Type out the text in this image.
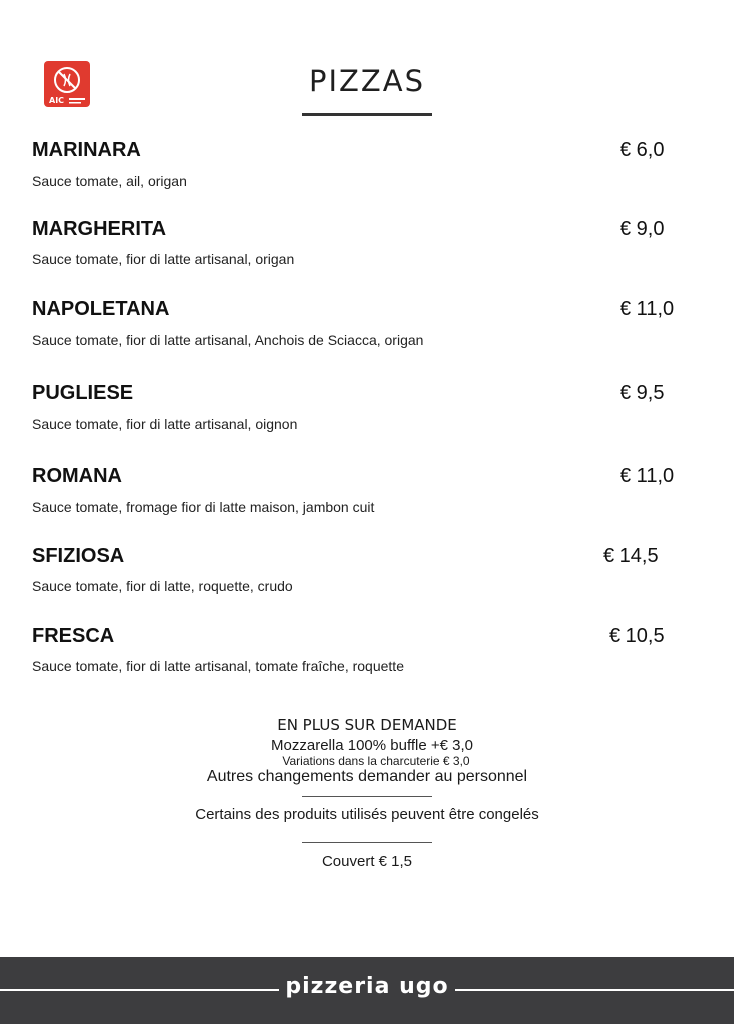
AIC
PIZZAS
MARINARA	€ 6,0
Sauce tomate, ail, origan
MARGHERITA	€ 9,0
Sauce tomate, fior di latte artisanal, origan
NAPOLETANA	€ 11,0
Sauce tomate, fior di latte artisanal, Anchois de Sciacca, origan
PUGLIESE	€ 9,5
Sauce tomate, fior di latte artisanal, oignon
ROMANA	€ 11,0
Sauce tomate, fromage fior di latte maison, jambon cuit
SFIZIOSA	€ 14,5
Sauce tomate, fior di latte, roquette, crudo
FRESCA	€ 10,5
Sauce tomate, fior di latte artisanal, tomate fraîche, roquette
EN PLUS SUR DEMANDE
Mozzarella 100% buffle +€ 3,0
Variations dans la charcuterie € 3,0
Autres changements demander au personnel
Certains des produits utilisés peuvent être congelés
Couvert € 1,5
pizzeria ugo
